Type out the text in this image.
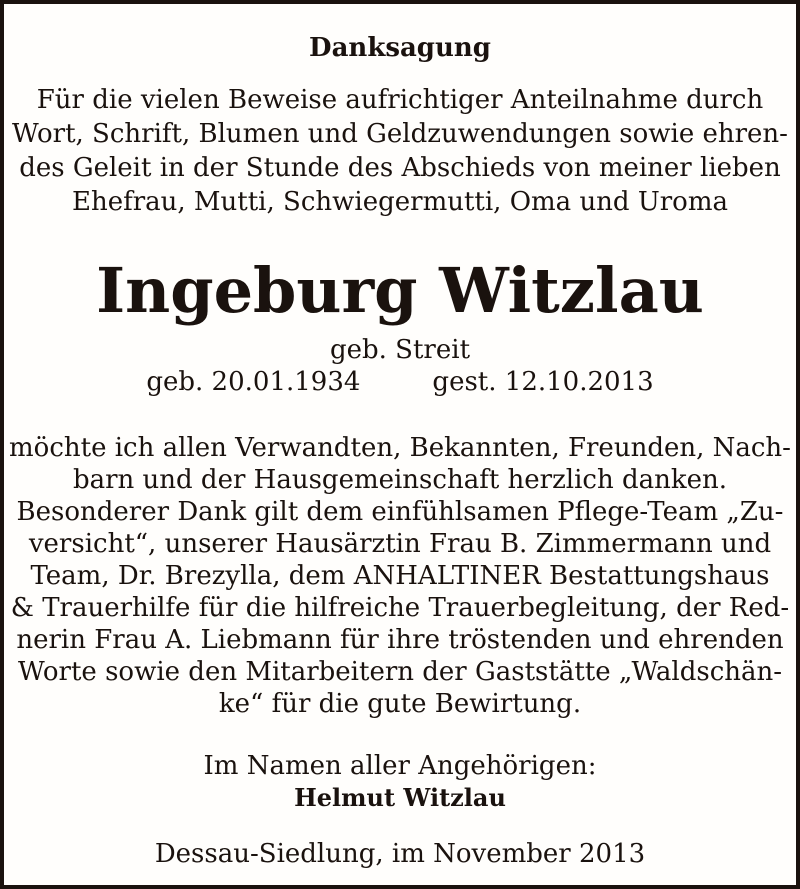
Danksagung
Für die vielen Beweise aufrichtiger Anteilnahme durch
Wort, Schrift, Blumen und Geldzuwendungen sowie ehren-
des Geleit in der Stunde des Abschieds von meiner lieben
Ehefrau, Mutti, Schwiegermutti, Oma und Uroma
Ingeburg Witzlau
geb. Streit
geb. 20.01.1934	gest. 12.10.2013
möchte ich allen Verwandten, Bekannten, Freunden, Nach-
barn und der Hausgemeinschaft herzlich danken.
Besonderer Dank gilt dem einfühlsamen Pflege-Team „Zu-
versicht“, unserer Hausärztin Frau B. Zimmermann und
Team, Dr. Brezylla, dem ANHALTINER Bestattungshaus
& Trauerhilfe für die hilfreiche Trauerbegleitung, der Red-
nerin Frau A. Liebmann für ihre tröstenden und ehrenden
Worte sowie den Mitarbeitern der Gaststätte „Waldschän-
ke“ für die gute Bewirtung.
Im Namen aller Angehörigen:
Helmut Witzlau
Dessau-Siedlung, im November 2013
